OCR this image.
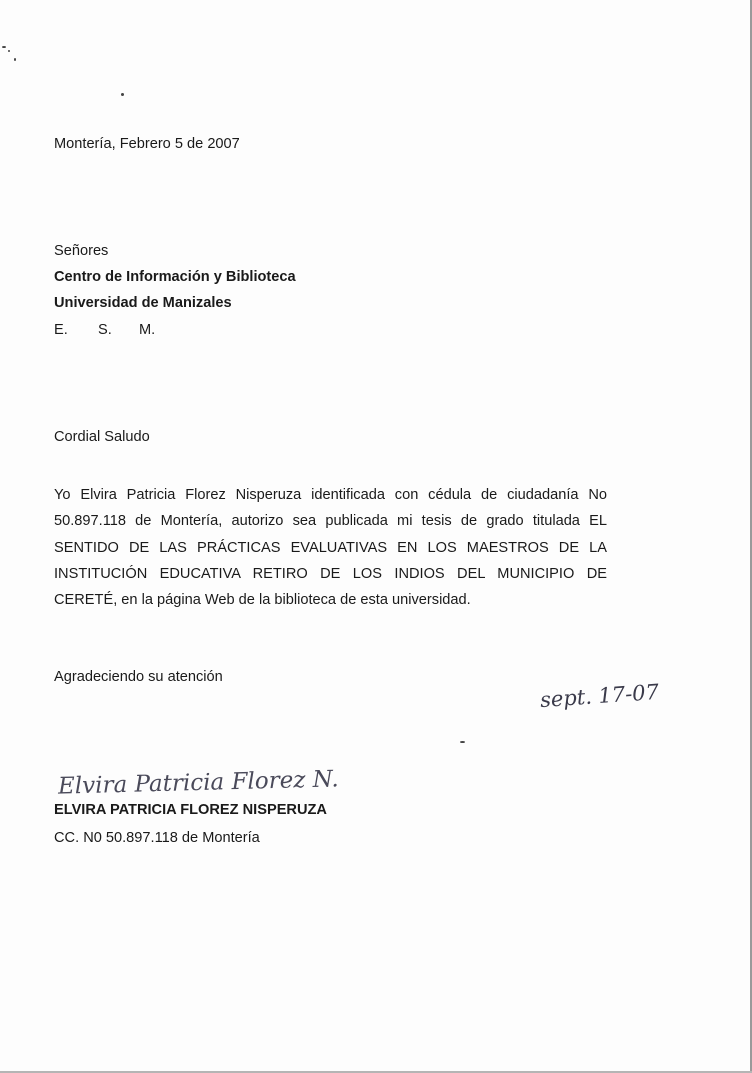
Montería, Febrero 5 de 2007
Señores
Centro de Información y Biblioteca
Universidad de Manizales
E. S. M.
Cordial Saludo
Yo Elvira Patricia Florez Nisperuza identificada con cédula de ciudadanía No 50.897.118 de Montería, autorizo sea publicada mi tesis de grado titulada EL SENTIDO DE LAS PRÁCTICAS EVALUATIVAS EN LOS MAESTROS DE LA INSTITUCIÓN EDUCATIVA RETIRO DE LOS INDIOS DEL MUNICIPIO DE CERETÉ, en la página Web de la biblioteca de esta universidad.
Agradeciendo su atención
sept. 17-07
Elvira Patricia Florez N.
ELVIRA PATRICIA FLOREZ NISPERUZA
CC. N0 50.897.118 de Montería
